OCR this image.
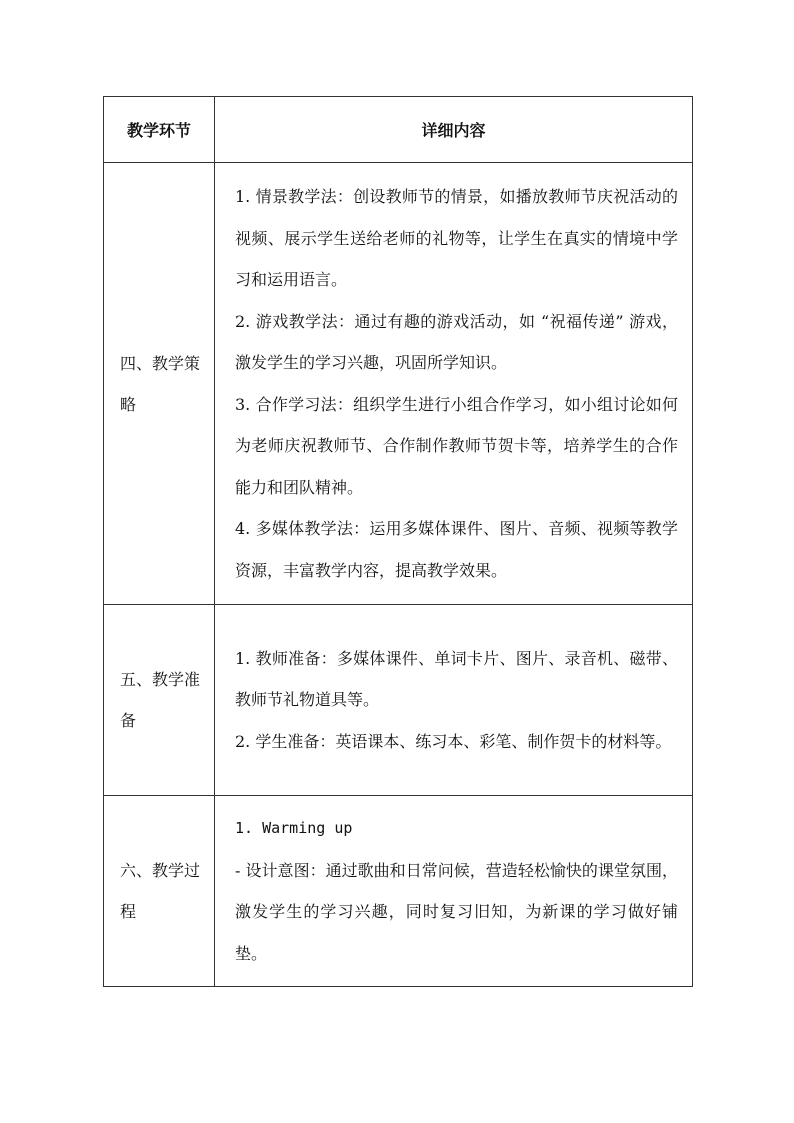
教学环节	详细内容
四、教学策略	1. 情景教学法：创设教师节的情景，如播放教师节庆祝活动的视频、展示学生送给老师的礼物等，让学生在真实的情境中学习和运用语言。

2. 游戏教学法：通过有趣的游戏活动，如 “祝福传递” 游戏，激发学生的学习兴趣，巩固所学知识。

3. 合作学习法：组织学生进行小组合作学习，如小组讨论如何为老师庆祝教师节、合作制作教师节贺卡等，培养学生的合作能力和团队精神。

4. 多媒体教学法：运用多媒体课件、图片、音频、视频等教学资源，丰富教学内容，提高教学效果。

五、教学准备	1. 教师准备：多媒体课件、单词卡片、图片、录音机、磁带、教师节礼物道具等。

2. 学生准备：英语课本、练习本、彩笔、制作贺卡的材料等。

六、教学过程	1. Warming up

- 设计意图：通过歌曲和日常问候，营造轻松愉快的课堂氛围，激发学生的学习兴趣，同时复习旧知，为新课的学习做好铺垫。
